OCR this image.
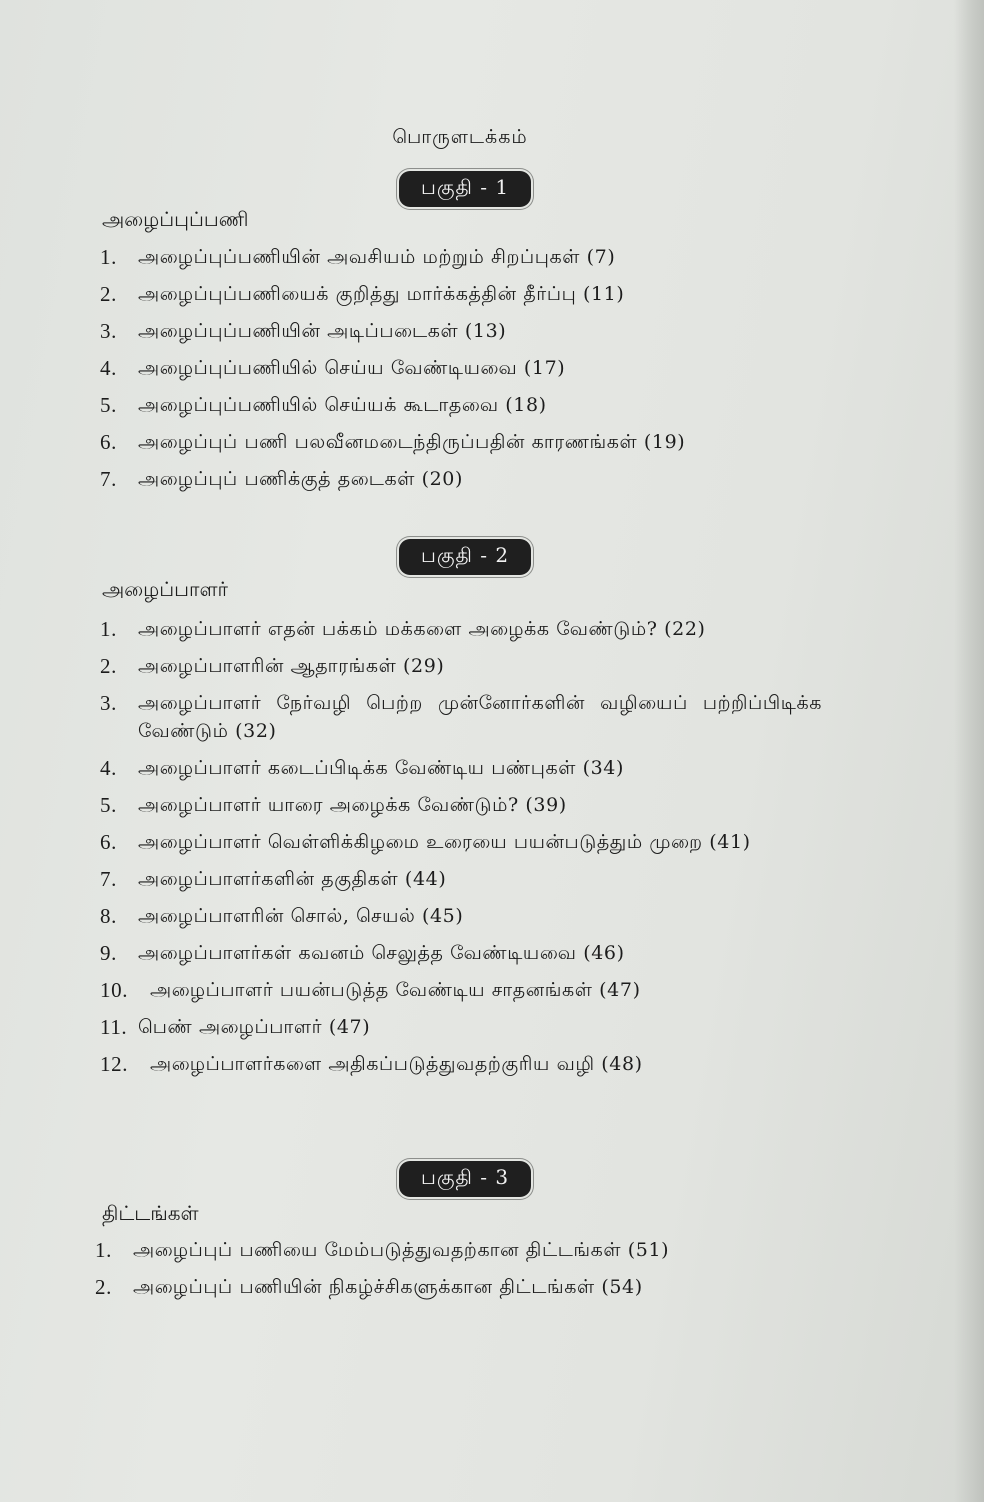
பொருளடக்கம்
பகுதி - 1
அழைப்புப்பணி
1. அழைப்புப்பணியின் அவசியம் மற்றும் சிறப்புகள் (7)
2. அழைப்புப்பணியைக் குறித்து மார்க்கத்தின் தீர்ப்பு (11)
3. அழைப்புப்பணியின் அடிப்படைகள் (13)
4. அழைப்புப்பணியில் செய்ய வேண்டியவை (17)
5. அழைப்புப்பணியில் செய்யக் கூடாதவை (18)
6. அழைப்புப் பணி பலவீனமடைந்திருப்பதின் காரணங்கள் (19)
7. அழைப்புப் பணிக்குத் தடைகள் (20)
பகுதி - 2
அழைப்பாளர்
1. அழைப்பாளர் எதன் பக்கம் மக்களை அழைக்க வேண்டும்? (22)
2. அழைப்பாளரின் ஆதாரங்கள் (29)
3. அழைப்பாளர் நேர்வழி பெற்ற முன்னோர்களின் வழியைப் பற்றிப்பிடிக்க வேண்டும் (32)
4. அழைப்பாளர் கடைப்பிடிக்க வேண்டிய பண்புகள் (34)
5. அழைப்பாளர் யாரை அழைக்க வேண்டும்? (39)
6. அழைப்பாளர் வெள்ளிக்கிழமை உரையை பயன்படுத்தும் முறை (41)
7. அழைப்பாளர்களின் தகுதிகள் (44)
8. அழைப்பாளரின் சொல், செயல் (45)
9. அழைப்பாளர்கள் கவனம் செலுத்த வேண்டியவை (46)
10. அழைப்பாளர் பயன்படுத்த வேண்டிய சாதனங்கள் (47)
11. பெண் அழைப்பாளர் (47)
12. அழைப்பாளர்களை அதிகப்படுத்துவதற்குரிய வழி (48)
பகுதி - 3
திட்டங்கள்
1. அழைப்புப் பணியை மேம்படுத்துவதற்கான திட்டங்கள் (51)
2. அழைப்புப் பணியின் நிகழ்ச்சிகளுக்கான திட்டங்கள் (54)
